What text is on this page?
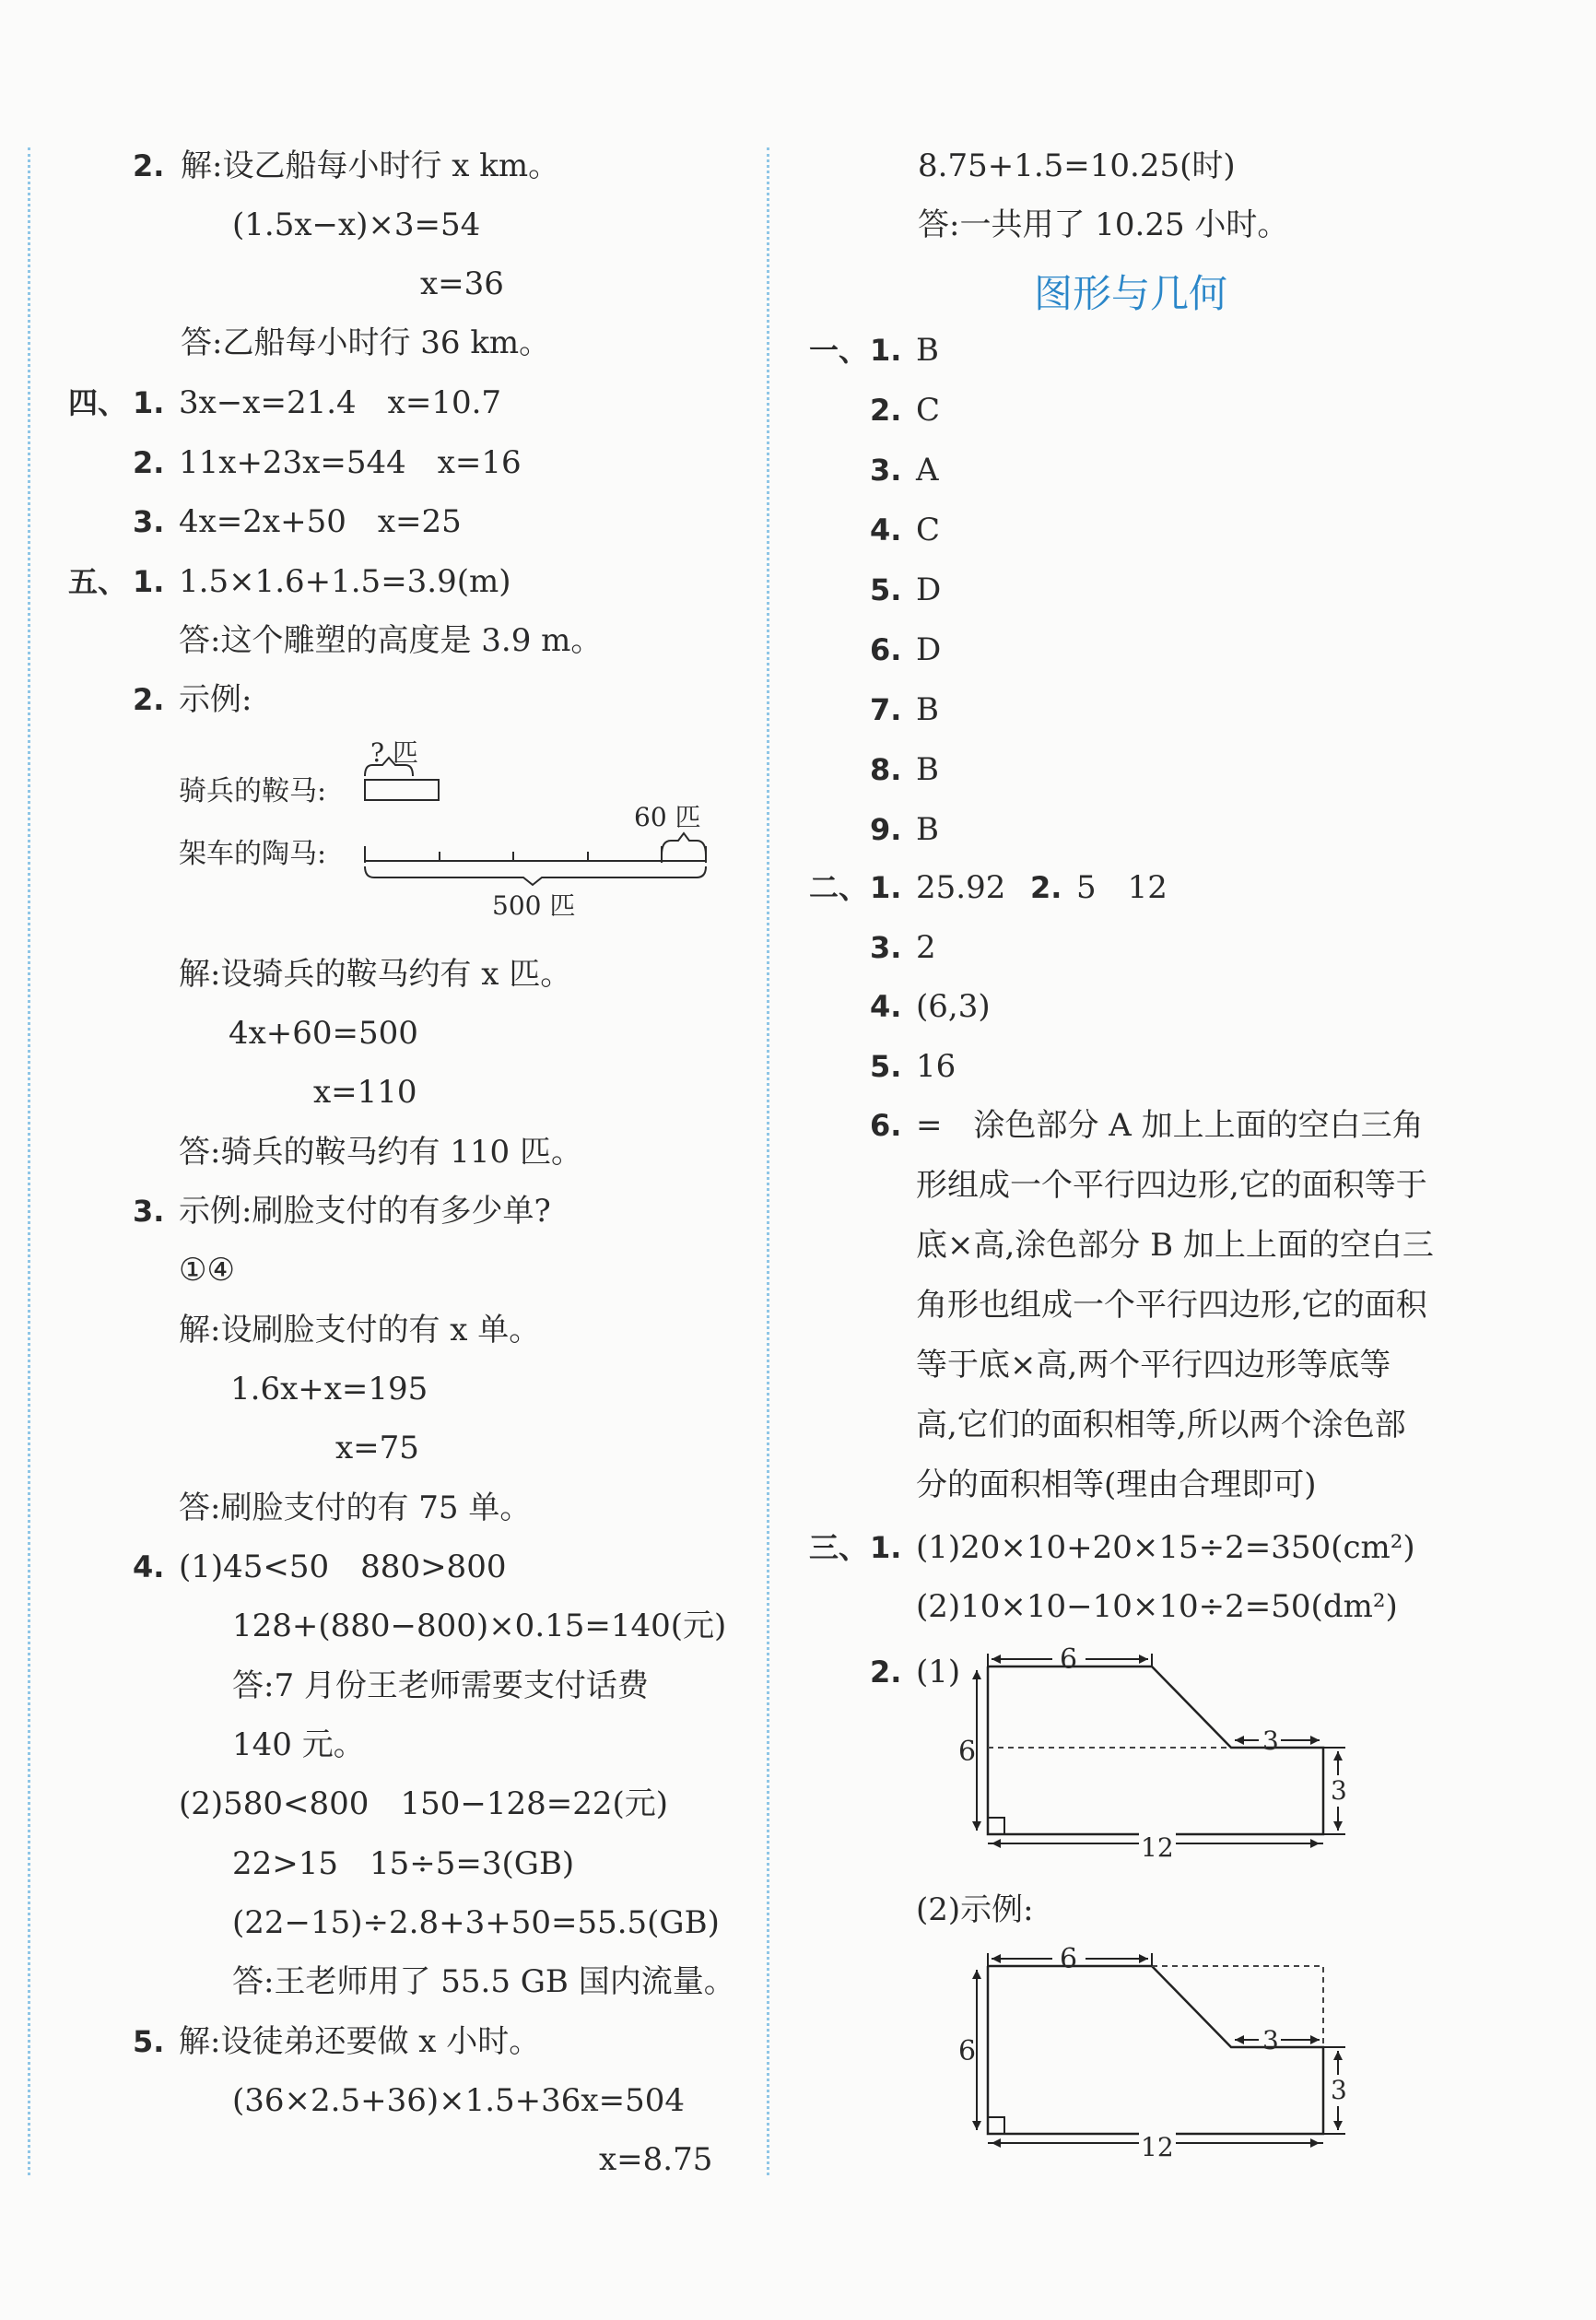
2. 解:设乙船每小时行 x km。
(1.5x−x)×3=54
x=36
答:乙船每小时行 36 km。
四、 1. 3x−x=21.4　x=10.7
2. 11x+23x=544　x=16
3. 4x=2x+50　x=25
五、 1. 1.5×1.6+1.5=3.9(m)
答:这个雕塑的高度是 3.9 m。
2. 示例:
? 匹
骑兵的鞍马:
60 匹
架车的陶马:
500 匹
解:设骑兵的鞍马约有 x 匹。
4x+60=500
x=110
答:骑兵的鞍马约有 110 匹。
3. 示例:刷脸支付的有多少单?
①④
解:设刷脸支付的有 x 单。
1.6x+x=195
x=75
答:刷脸支付的有 75 单。
4. (1)45<50　880>800
128+(880−800)×0.15=140(元)
答:7 月份王老师需要支付话费
140 元。
(2)580<800　150−128=22(元)
22>15　15÷5=3(GB)
(22−15)÷2.8+3+50=55.5(GB)
答:王老师用了 55.5 GB 国内流量。
5. 解:设徒弟还要做 x 小时。
(36×2.5+36)×1.5+36x=504
x=8.75
8.75+1.5=10.25(时)
答:一共用了 10.25 小时。
图形与几何
一、 1. B
2. C
3. A
4. C
5. D
6. D
7. B
8. B
9. B
二、 1. 25.92 2. 5　12
3. 2
4. (6,3)
5. 16
6. =　涂色部分 A 加上上面的空白三角
形组成一个平行四边形,它的面积等于
底×高,涂色部分 B 加上上面的空白三
角形也组成一个平行四边形,它的面积
等于底×高,两个平行四边形等底等
高,它们的面积相等,所以两个涂色部
分的面积相等(理由合理即可)
三、 1. (1)20×10+20×15÷2=350(cm²)
(2)10×10−10×10÷2=50(dm²)
2. (1)	6
6	3
3
12
(2)示例:
6
6	3
3
12
